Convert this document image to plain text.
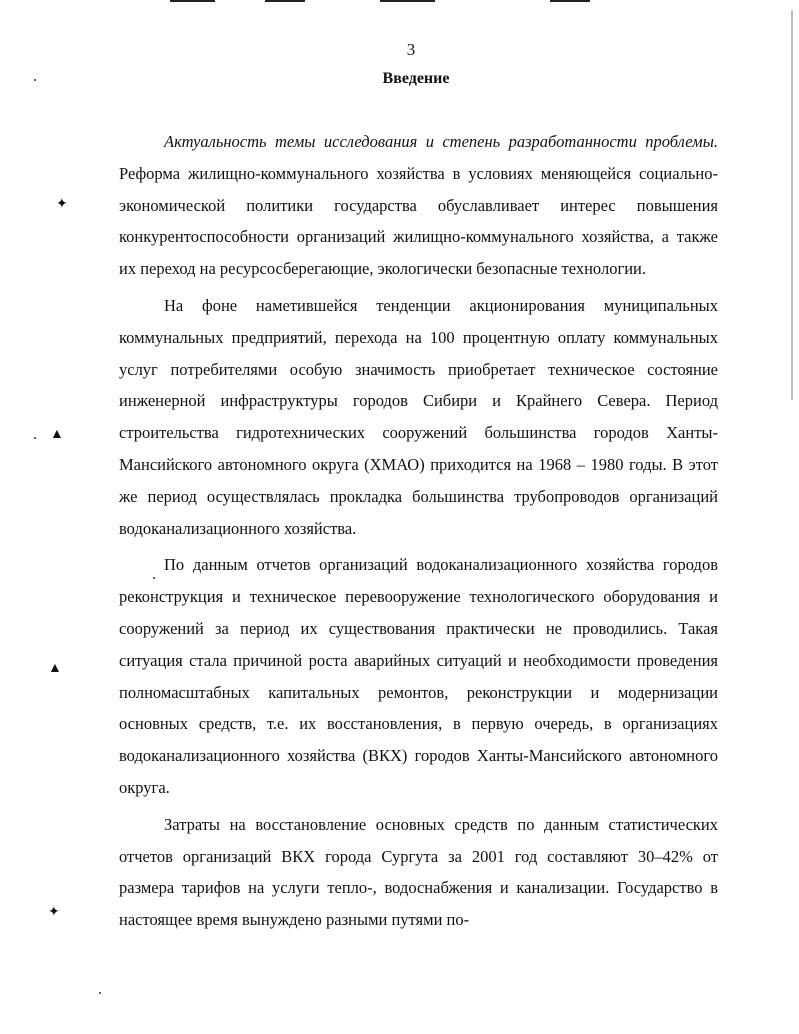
3
Введение

Актуальность темы исследования и степень разработанности проблемы. Реформа жилищно-коммунального хозяйства в условиях меняющейся социально-экономической политики государства обуславливает интерес повышения конкурентоспособности организаций жилищно-коммунального хозяйства, а также их переход на ресурсосберегающие, экологически безопасные технологии.

На фоне наметившейся тенденции акционирования муниципальных коммунальных предприятий, перехода на 100 процентную оплату коммунальных услуг потребителями особую значимость приобретает техническое состояние инженерной инфраструктуры городов Сибири и Крайнего Севера. Период строительства гидротехнических сооружений большинства городов Ханты-Мансийского автономного округа (ХМАО) приходится на 1968 – 1980 годы. В этот же период осуществлялась прокладка большинства трубопроводов организаций водоканализационного хозяйства.

По данным отчетов организаций водоканализационного хозяйства городов реконструкция и техническое перевооружение технологического оборудования и сооружений за период их существования практически не проводились. Такая ситуация стала причиной роста аварийных ситуаций и необходимости проведения полномасштабных капитальных ремонтов, реконструкции и модернизации основных средств, т.е. их восстановления, в первую очередь, в организациях водоканализационного хозяйства (ВКХ) городов Ханты-Мансийского автономного округа.

Затраты на восстановление основных средств по данным статистических отчетов организаций ВКХ города Сургута за 2001 год составляют 30–42% от размера тарифов на услуги тепло-, водоснабжения и канализации. Государство в настоящее время вынуждено разными путями по-

✦
▲
▲
✦
